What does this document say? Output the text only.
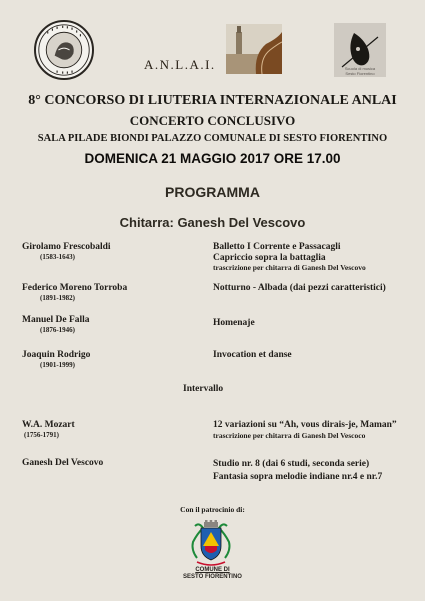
A.N.L.A.I.	Scuola di musica
Sesto Fiorentino
8° CONCORSO DI LIUTERIA INTERNAZIONALE ANLAI
CONCERTO CONCLUSIVO
SALA PILADE BIONDI PALAZZO COMUNALE DI SESTO FIORENTINO
DOMENICA 21 MAGGIO 2017 ORE 17.00
PROGRAMMA
Chitarra: Ganesh Del Vescovo
Girolamo Frescobaldi
(1583-1643)
Balletto I Corrente e Passacagli
Capriccio sopra la battaglia
trascrizione per chitarra di Ganesh Del Vescovo
Federico Moreno Torroba
(1891-1982)
Notturno - Albada (dai pezzi caratteristici)
Manuel De Falla
(1876-1946)
Homenaje
Joaquin Rodrigo
(1901-1999)
Invocation et danse
Intervallo
W.A. Mozart
(1756-1791)
12 variazioni su “Ah, vous dirais-je, Maman”
trascrizione per chitarra di Ganesh Del Vescoco
Ganesh Del Vescovo	Studio nr. 8 (dai 6 studi, seconda serie)
Fantasia sopra melodie indiane nr.4 e nr.7
Con il patrocinio di:
COMUNE DI
SESTO FIORENTINO
